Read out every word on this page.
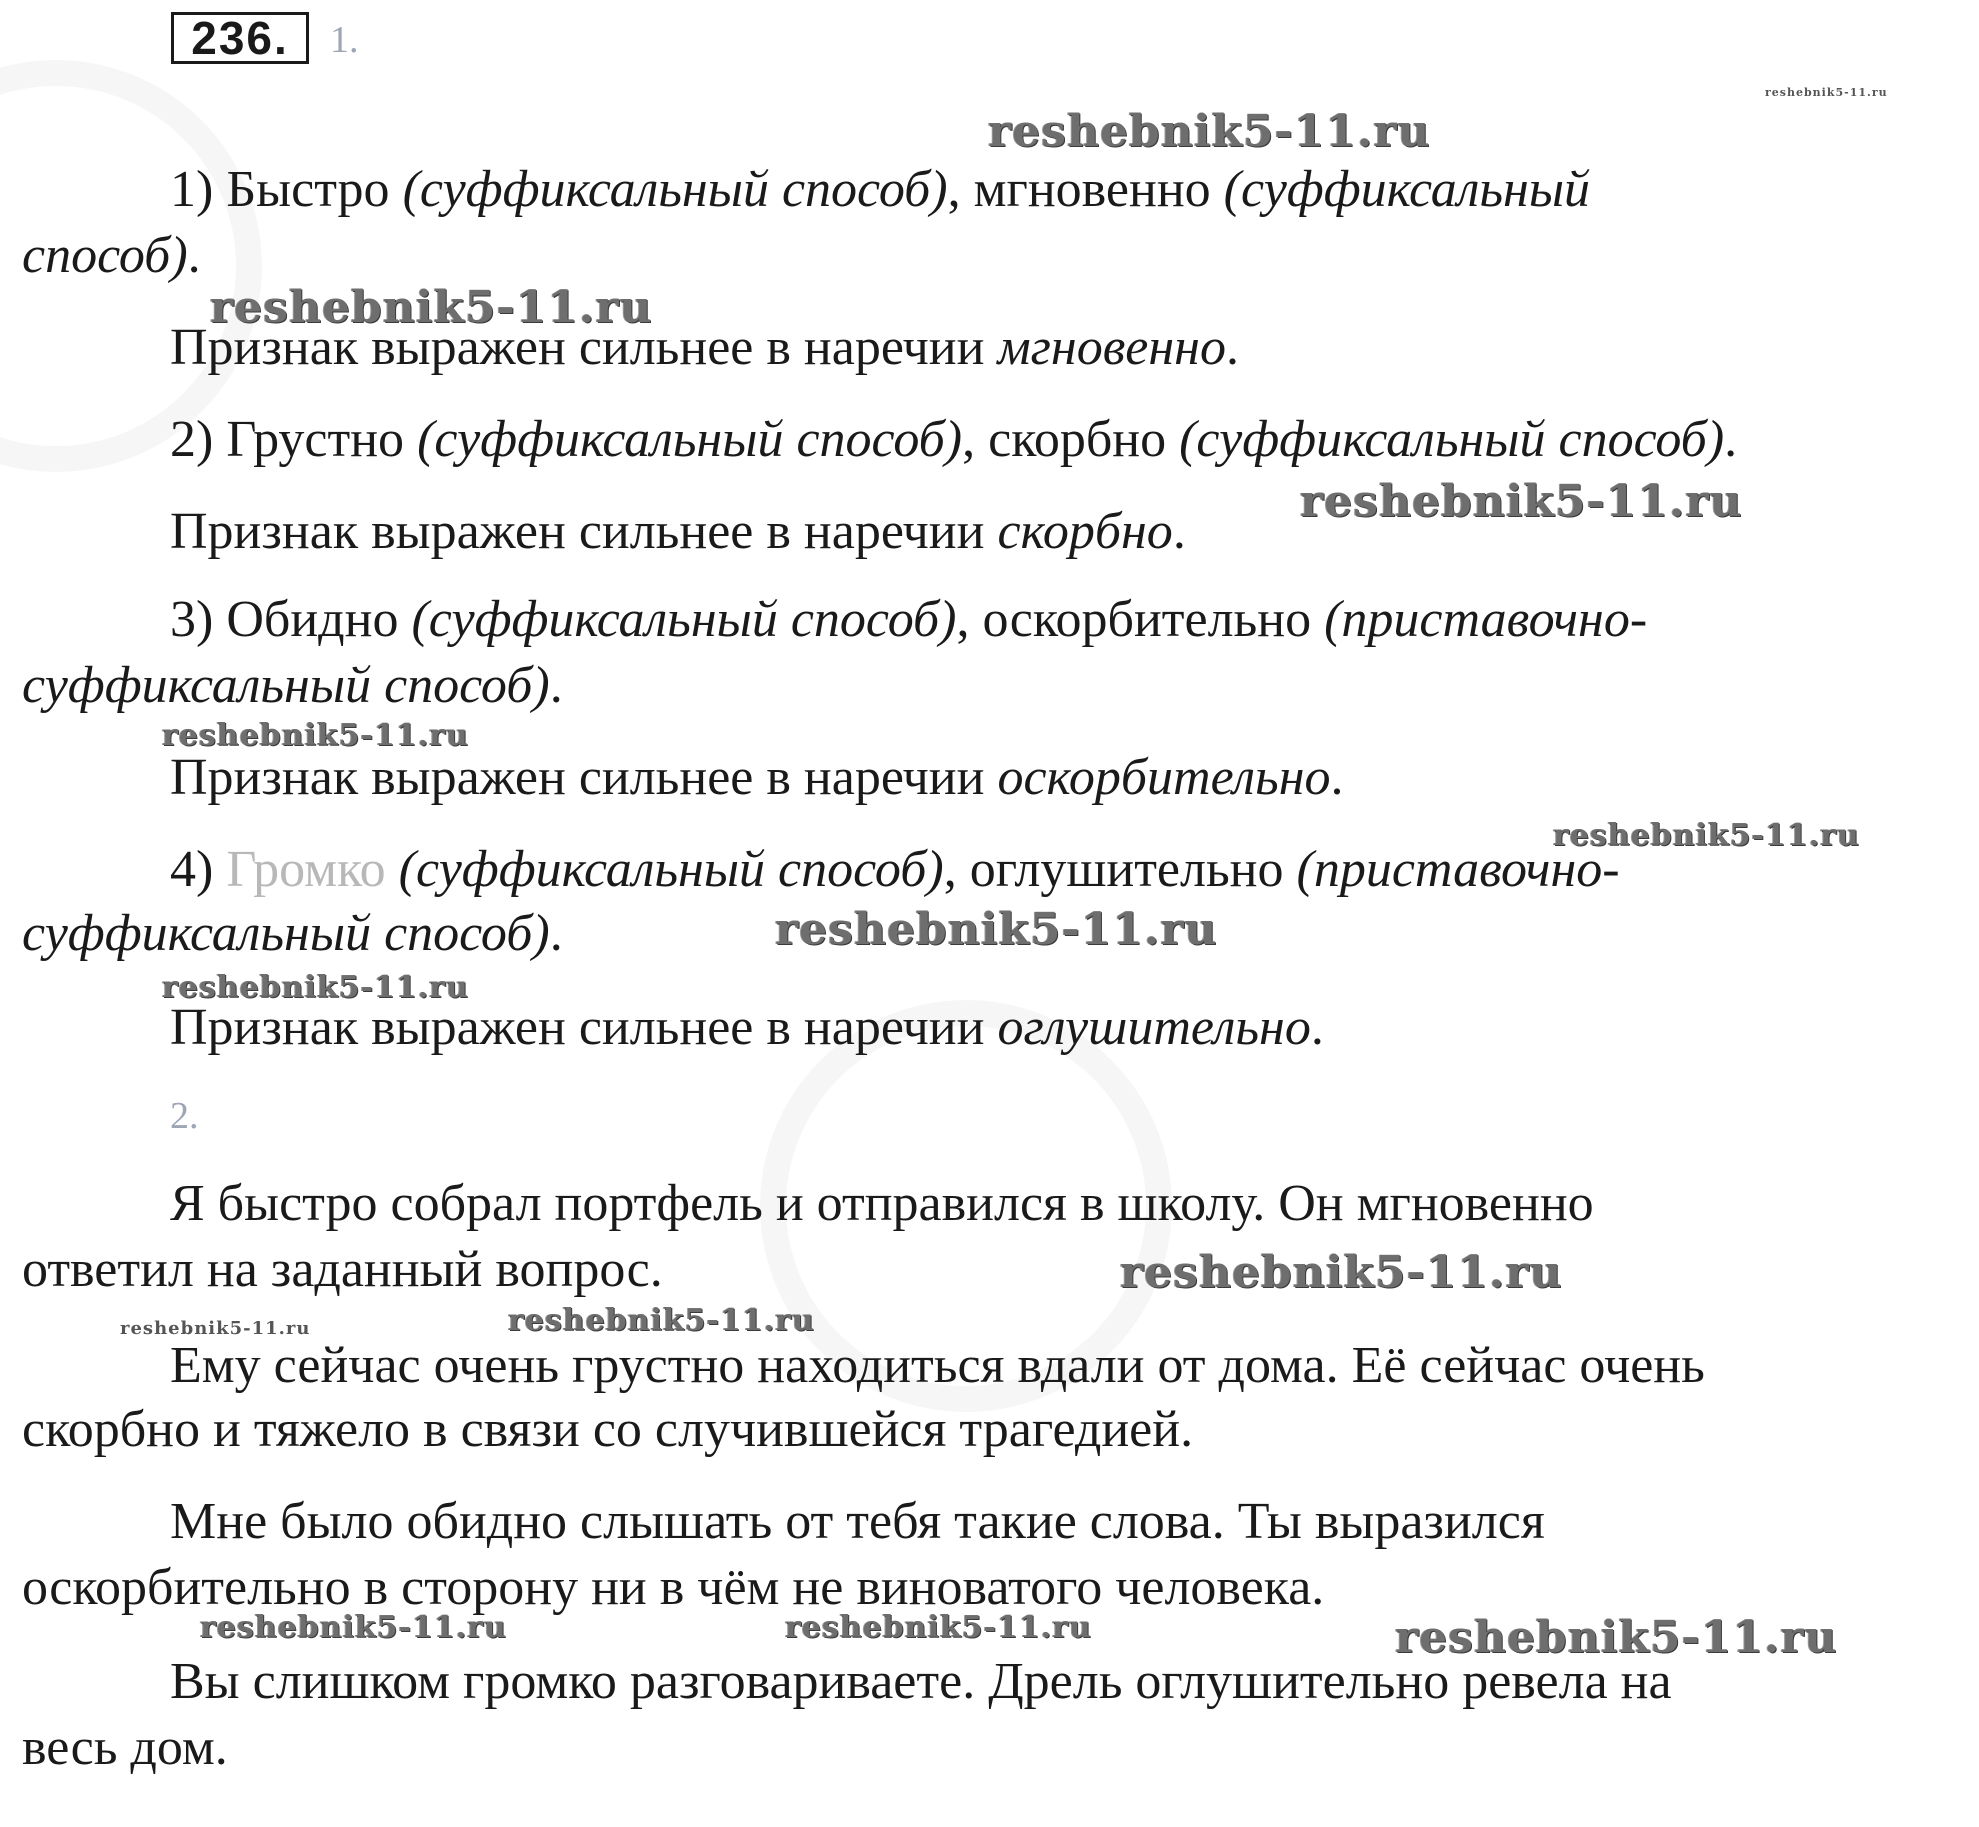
236.	1.
reshebnik5-11.ru
reshebnik5-11.ru
reshebnik5-11.ru
reshebnik5-11.ru
reshebnik5-11.ru
reshebnik5-11.ru
reshebnik5-11.ru
reshebnik5-11.ru
reshebnik5-11.ru
reshebnik5-11.ru	reshebnik5-11.ru
reshebnik5-11.ru	reshebnik5-11.ru	reshebnik5-11.ru
1) Быстро (суффиксальный способ), мгновенно (суффиксальный
способ).
Признак выражен сильнее в наречии мгновенно.
2) Грустно (суффиксальный способ), скорбно (суффиксальный способ).
Признак выражен сильнее в наречии скорбно.
3) Обидно (суффиксальный способ), оскорбительно (приставочно-
суффиксальный способ).
Признак выражен сильнее в наречии оскорбительно.
4) Громко (суффиксальный способ), оглушительно (приставочно-
суффиксальный способ).
Признак выражен сильнее в наречии оглушительно.
2.
Я быстро собрал портфель и отправился в школу. Он мгновенно
ответил на заданный вопрос.
Ему сейчас очень грустно находиться вдали от дома. Её сейчас очень
скорбно и тяжело в связи со случившейся трагедией.
Мне было обидно слышать от тебя такие слова. Ты выразился
оскорбительно в сторону ни в чём не виноватого человека.
Вы слишком громко разговариваете. Дрель оглушительно ревела на
весь дом.
